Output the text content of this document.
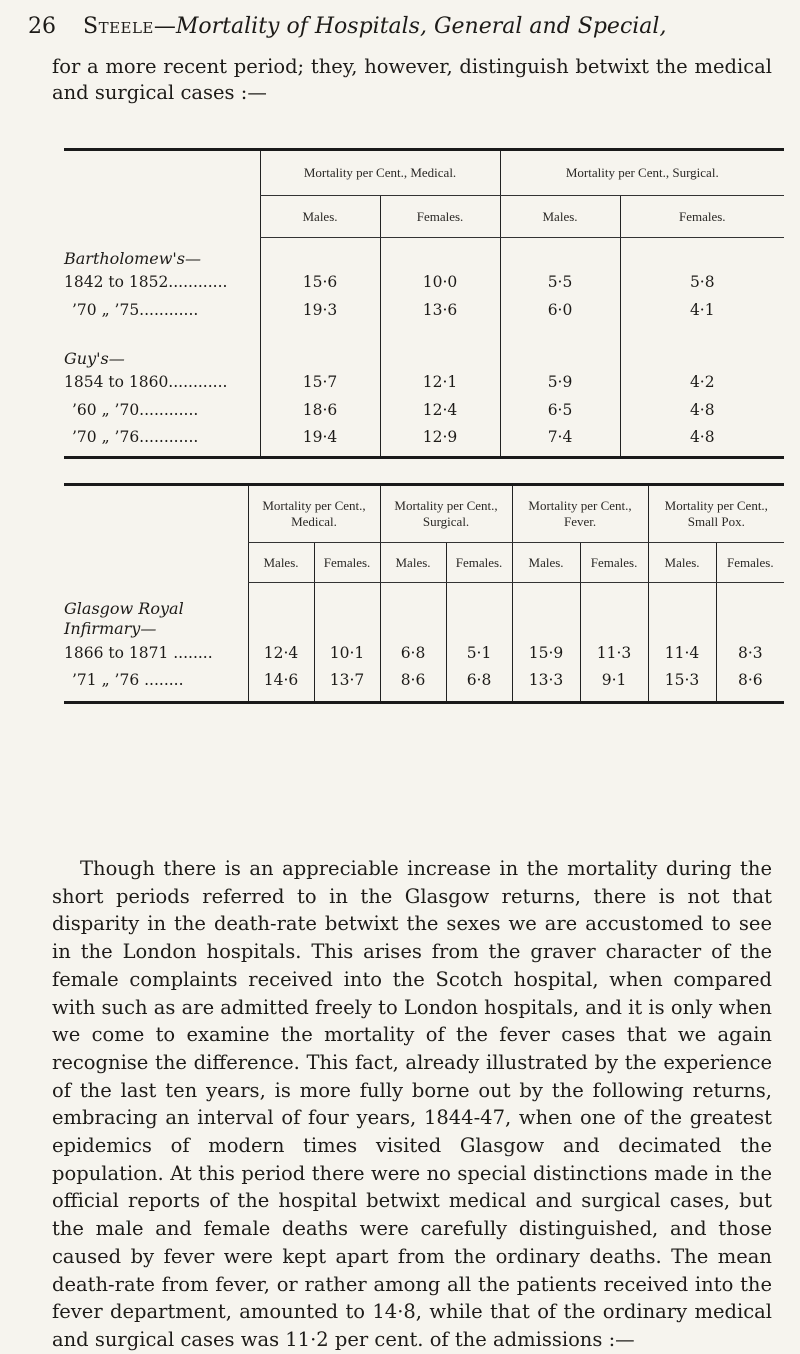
26 Steele—Mortality of Hospitals, General and Special,

for a more recent period; they, however, distinguish betwixt the medical and surgical cases :—

	Mortality per Cent., Medical.		Mortality per Cent., Surgical.	
	Males.	Females.	Males.	Females.
Bartholomew's—				
1842 to 1852............	15·6	10·0	5·5	5·8
’70 „ ’75............	19·3	13·6	6·0	4·1
Guy's—				
1854 to 1860............	15·7	12·1	5·9	4·2
’60 „ ’70............	18·6	12·4	6·5	4·8
’70 „ ’76............	19·4	12·9	7·4	4·8
	Mortality per Cent., Medical.		Mortality per Cent., Surgical.		Mortality per Cent., Fever.		Mortality per Cent., Small Pox.	
	Males.	Females.	Males.	Females.	Males.	Females.	Males.	Females.
Glasgow Royal Infirmary—								
1866 to 1871 ........	12·4	10·1	6·8	5·1	15·9	11·3	11·4	8·3
’71 „ ’76 ........	14·6	13·7	8·6	6·8	13·3	9·1	15·3	8·6

Though there is an appreciable increase in the mortality during the short periods referred to in the Glasgow returns, there is not that disparity in the death-rate betwixt the sexes we are accustomed to see in the London hospitals. This arises from the graver character of the female complaints received into the Scotch hospital, when compared with such as are admitted freely to London hospitals, and it is only when we come to examine the mortality of the fever cases that we again recognise the difference. This fact, already illustrated by the experience of the last ten years, is more fully borne out by the following returns, embracing an interval of four years, 1844-47, when one of the greatest epidemics of modern times visited Glasgow and decimated the population. At this period there were no special distinctions made in the official reports of the hospital betwixt medical and surgical cases, but the male and female deaths were carefully distinguished, and those caused by fever were kept apart from the ordinary deaths. The mean death-rate from fever, or rather among all the patients received into the fever department, amounted to 14·8, while that of the ordinary medical and surgical cases was 11·2 per cent. of the admissions :—
